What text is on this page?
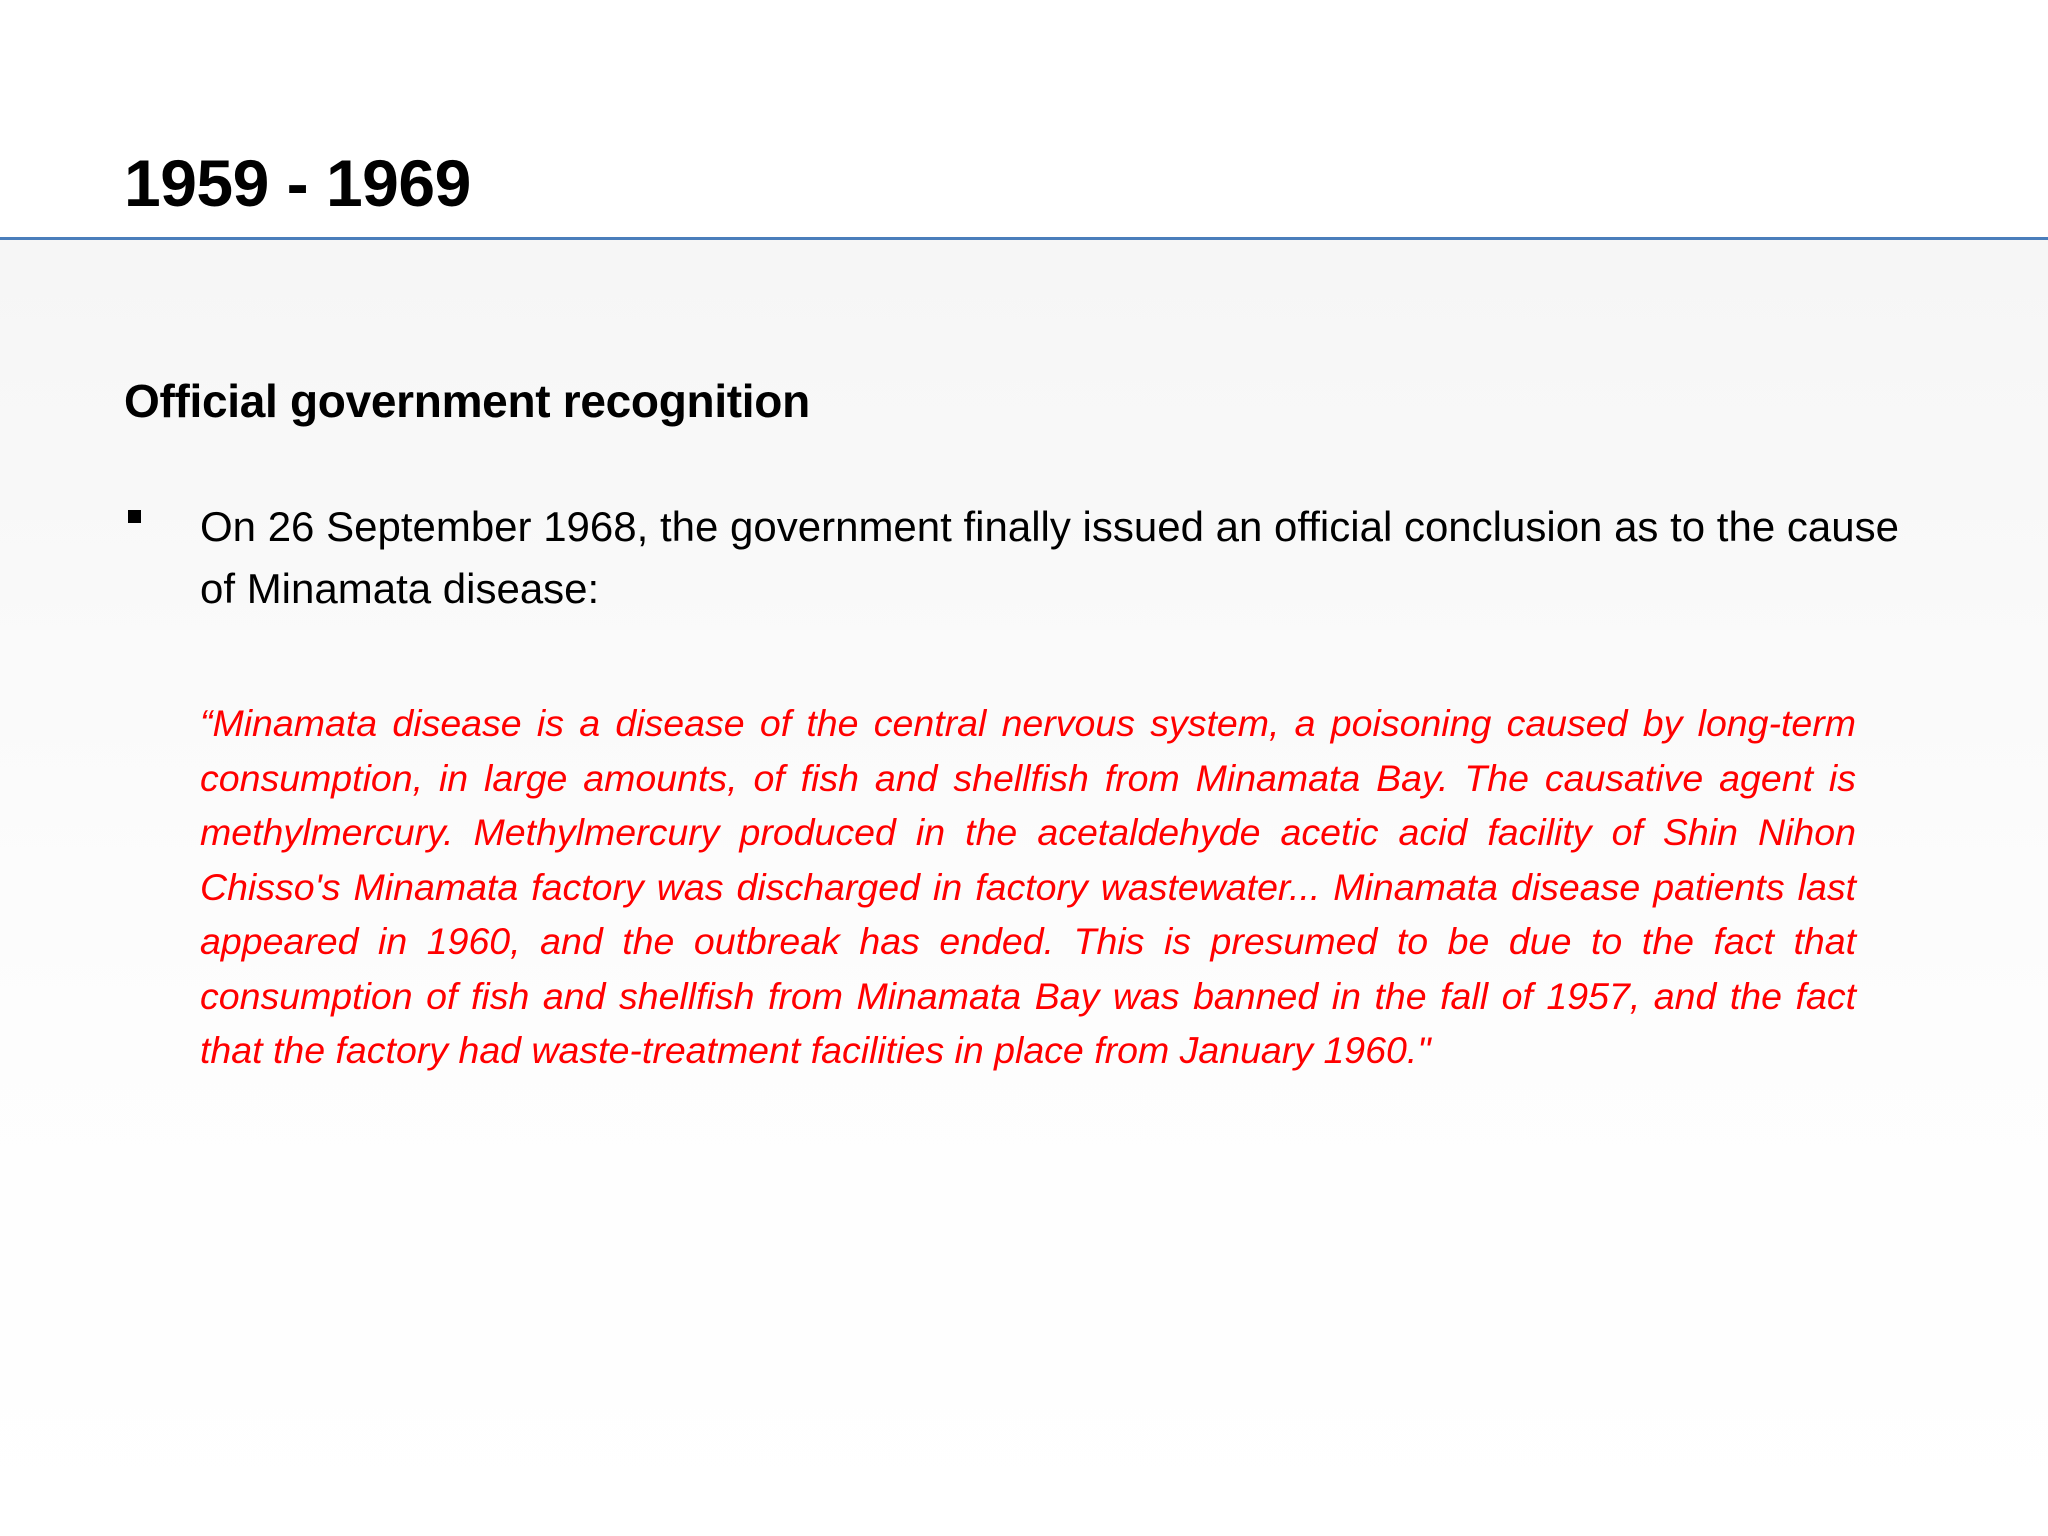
1959 - 1969
Official government recognition

On 26 September 1968, the government finally issued an official conclusion as to the cause of Minamata disease:

“Minamata disease is a disease of the central nervous system, a poisoning caused by long-term consumption, in large amounts, of fish and shellfish from Minamata Bay. The causative agent is methylmercury. Methylmercury produced in the acetaldehyde acetic acid facility of Shin Nihon Chisso's Minamata factory was discharged in factory wastewater... Minamata disease patients last appeared in 1960, and the outbreak has ended. This is presumed to be due to the fact that consumption of fish and shellfish from Minamata Bay was banned in the fall of 1957, and the fact that the factory had waste-treatment facilities in place from January 1960."
